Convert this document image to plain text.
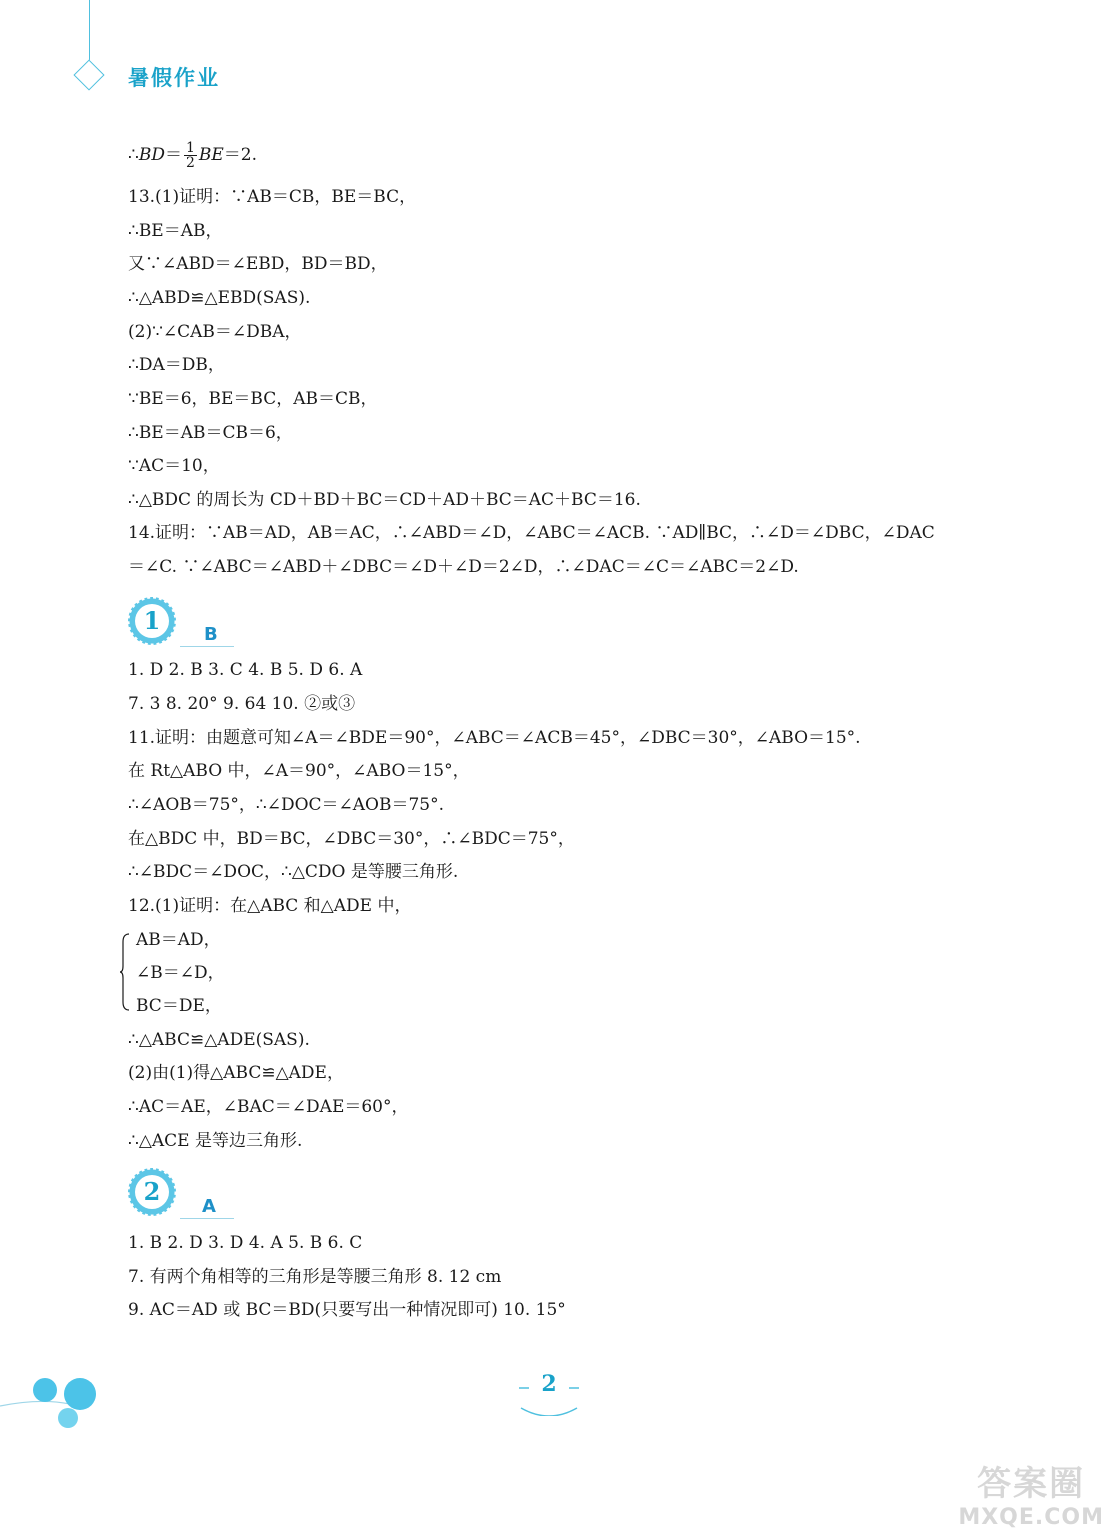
暑假作业
∴BD＝ $\frac{1}{2} BE=2$.
13.(1)证明：∵AB＝CB，BE＝BC，
∴BE＝AB，
又∵∠ABD＝∠EBD，BD＝BD，
∴△ABD≌△EBD(SAS).
(2)∵∠CAB＝∠DBA，
∴DA＝DB，
∵BE＝6，BE＝BC，AB＝CB，
∴BE＝AB＝CB＝6，
∵AC＝10，
∴△BDC 的周长为 CD＋BD＋BC＝CD＋AD＋BC＝AC＋BC＝16.
14.证明：∵AB＝AD，AB＝AC，∴∠ABD＝∠D，∠ABC＝∠ACB. ∵AD∥BC，∴∠D＝∠DBC，∠DAC
＝∠C. ∵∠ABC＝∠ABD＋∠DBC＝∠D＋∠D＝2∠D，∴∠DAC＝∠C＝∠ABC＝2∠D.
1 B
1. D 2. B 3. C 4. B 5. D 6. A
7. 3 8. 20° 9. 64 10. ②或③
11.证明：由题意可知∠A＝∠BDE＝90°，∠ABC＝∠ACB＝45°，∠DBC＝30°，∠ABO＝15°.
在 Rt△ABO 中，∠A＝90°，∠ABO＝15°，
∴∠AOB＝75°，∴∠DOC＝∠AOB＝75°.
在△BDC 中，BD＝BC，∠DBC＝30°，∴∠BDC＝75°，
∴∠BDC＝∠DOC，∴△CDO 是等腰三角形.
12.(1)证明：在△ABC 和△ADE 中，
AB＝AD，
∠B＝∠D，
BC＝DE，
∴△ABC≌△ADE(SAS).
(2)由(1)得△ABC≌△ADE，
∴AC＝AE，∠BAC＝∠DAE＝60°，
∴△ACE 是等边三角形.
2
A
1. B 2. D 3. D 4. A 5. B 6. C
7. 有两个角相等的三角形是等腰三角形 8. 12 cm
9. AC＝AD 或 BC＝BD(只要写出一种情况即可) 10. 15°
2
答案圈
MXQE.COM
